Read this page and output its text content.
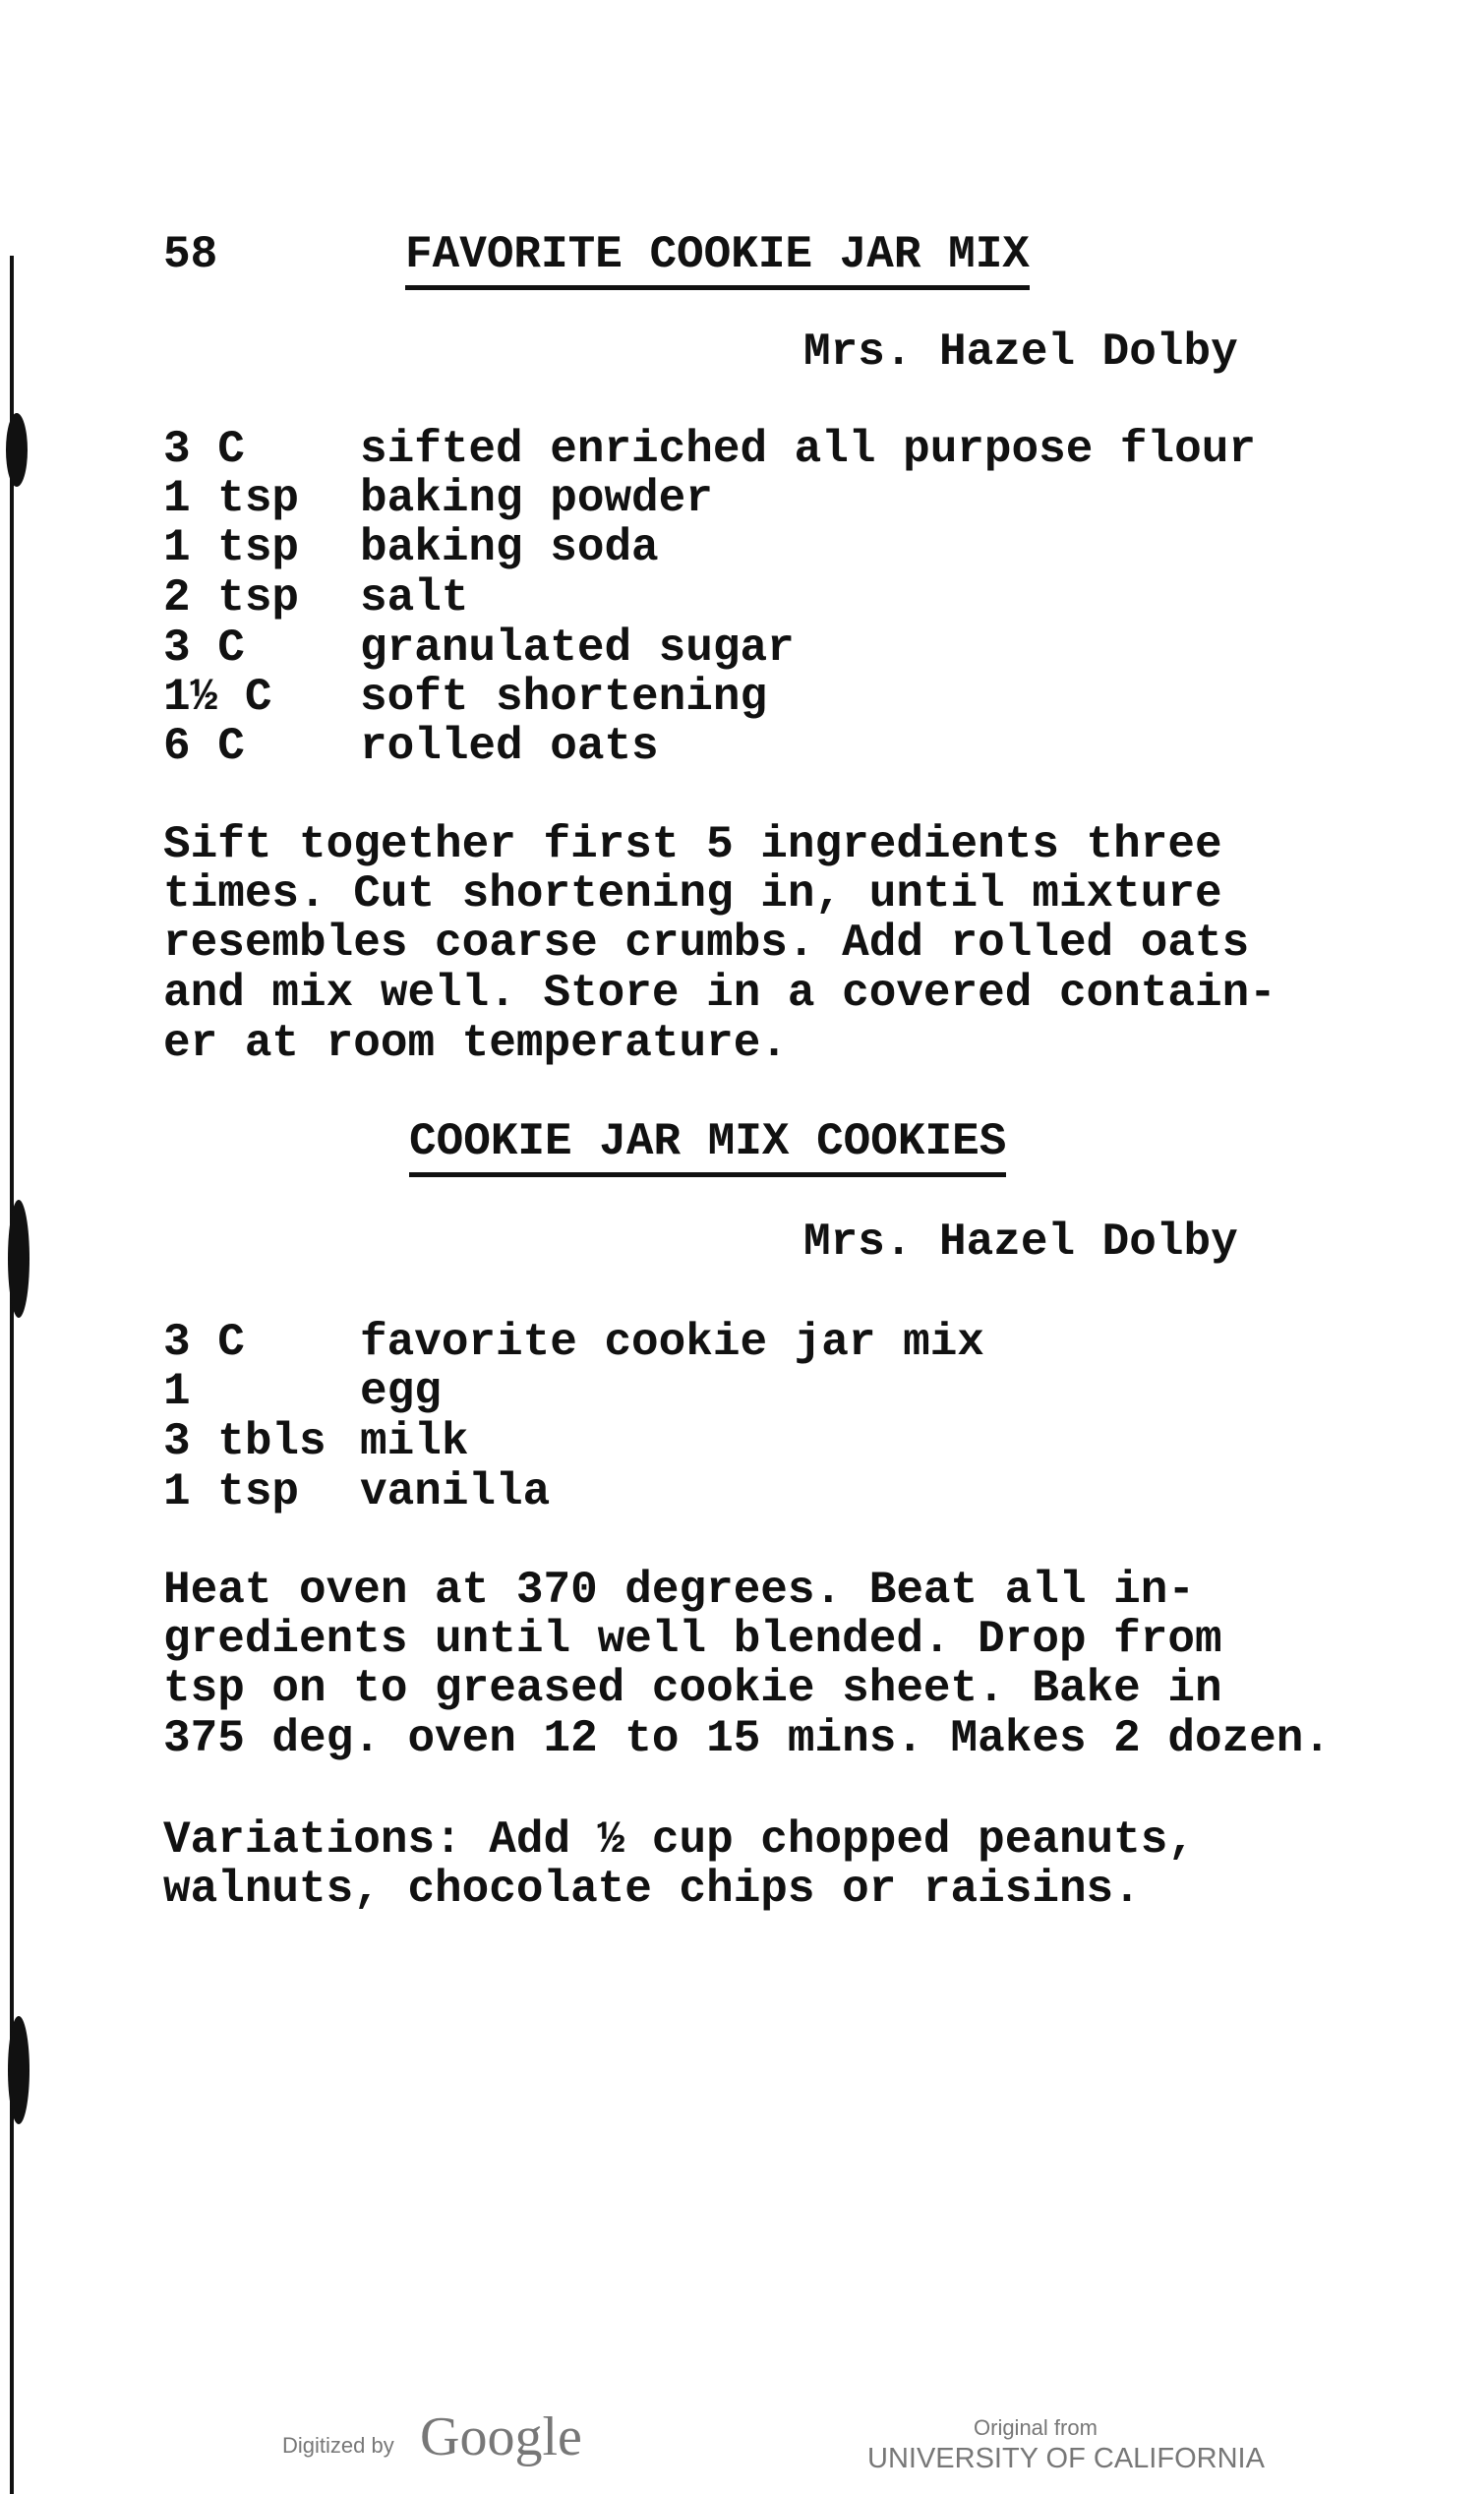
58	FAVORITE COOKIE JAR MIX
Mrs. Hazel Dolby
3 C	sifted enriched all purpose flour
1 tsp baking powder
1 tsp baking soda
2 tsp salt
3 C	granulated sugar
1½ C soft shortening
6 C	rolled oats
Sift together first 5 ingredients three
times. Cut shortening in, until mixture
resembles coarse crumbs. Add rolled oats
and mix well. Store in a covered contain-
er at room temperature.
COOKIE JAR MIX COOKIES
Mrs. Hazel Dolby
3 C	favorite cookie jar mix
1	egg
3 tbls milk
1 tsp vanilla
Heat oven at 370 degrees. Beat all in-
gredients until well blended. Drop from
tsp on to greased cookie sheet. Bake in
375 deg. oven 12 to 15 mins. Makes 2 dozen.
Variations: Add ½ cup chopped peanuts,
walnuts, chocolate chips or raisins.
Digitized by Google	Original from
UNIVERSITY OF CALIFORNIA
